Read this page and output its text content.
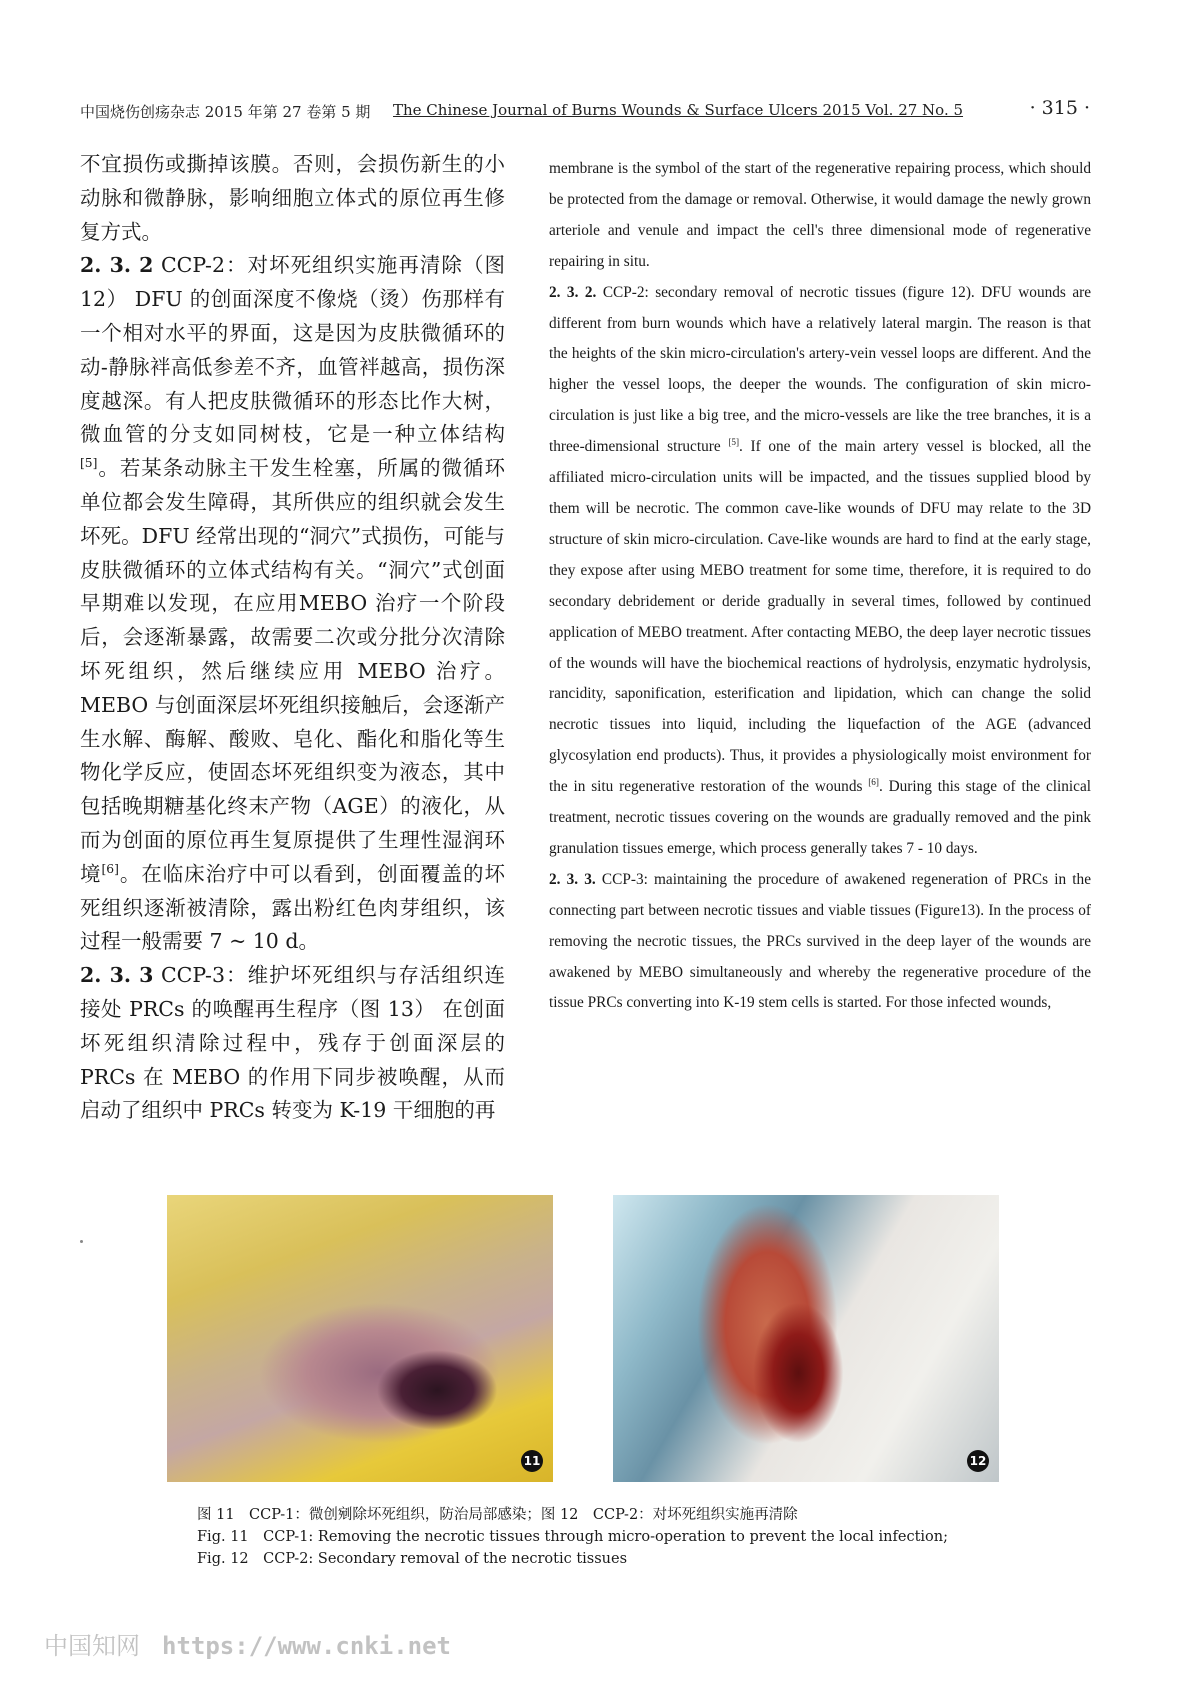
中国烧伤创疡杂志 2015 年第 27 卷第 5 期 The Chinese Journal of Burns Wounds & Surface Ulcers 2015 Vol. 27 No. 5	· 315 ·

不宜损伤或撕掉该膜。否则，会损伤新生的小动脉和微静脉，影响细胞立体式的原位再生修复方式。

2. 3. 2 CCP-2：对坏死组织实施再清除（图 12） DFU 的创面深度不像烧（烫）伤那样有一个相对水平的界面，这是因为皮肤微循环的动-静脉袢高低参差不齐，血管袢越高，损伤深度越深。有人把皮肤微循环的形态比作大树，微血管的分支如同树枝，它是一种立体结构[5]。若某条动脉主干发生栓塞，所属的微循环单位都会发生障碍，其所供应的组织就会发生坏死。DFU 经常出现的“洞穴”式损伤，可能与皮肤微循环的立体式结构有关。“洞穴”式创面早期难以发现，在应用MEBO 治疗一个阶段后，会逐渐暴露，故需要二次或分批分次清除坏死组织，然后继续应用 MEBO 治疗。MEBO 与创面深层坏死组织接触后，会逐渐产生水解、酶解、酸败、皂化、酯化和脂化等生物化学反应，使固态坏死组织变为液态，其中包括晚期糖基化终末产物（AGE）的液化，从而为创面的原位再生复原提供了生理性湿润环境[6]。在临床治疗中可以看到，创面覆盖的坏死组织逐渐被清除，露出粉红色肉芽组织，该过程一般需要 7 ~ 10 d。

2. 3. 3 CCP-3：维护坏死组织与存活组织连接处 PRCs 的唤醒再生程序（图 13） 在创面坏死组织清除过程中，残存于创面深层的 PRCs 在 MEBO 的作用下同步被唤醒，从而启动了组织中 PRCs 转变为 K-19 干细胞的再

membrane is the symbol of the start of the regenerative repairing process, which should be protected from the damage or removal. Otherwise, it would damage the newly grown arteriole and venule and impact the cell's three dimensional mode of regenerative repairing in situ.

2. 3. 2. CCP-2: secondary removal of necrotic tissues (figure 12). DFU wounds are different from burn wounds which have a relatively lateral margin. The reason is that the heights of the skin micro-circulation's artery-vein vessel loops are different. And the higher the vessel loops, the deeper the wounds. The configuration of skin micro-circulation is just like a big tree, and the micro-vessels are like the tree branches, it is a three-dimensional structure [5]. If one of the main artery vessel is blocked, all the affiliated micro-circulation units will be impacted, and the tissues supplied blood by them will be necrotic. The common cave-like wounds of DFU may relate to the 3D structure of skin micro-circulation. Cave-like wounds are hard to find at the early stage, they expose after using MEBO treatment for some time, therefore, it is required to do secondary debridement or deride gradually in several times, followed by continued application of MEBO treatment. After contacting MEBO, the deep layer necrotic tissues of the wounds will have the biochemical reactions of hydrolysis, enzymatic hydrolysis, rancidity, saponification, esterification and lipidation, which can change the solid necrotic tissues into liquid, including the liquefaction of the AGE (advanced glycosylation end products). Thus, it provides a physiologically moist environment for the in situ regenerative restoration of the wounds [6]. During this stage of the clinical treatment, necrotic tissues covering on the wounds are gradually removed and the pink granulation tissues emerge, which process generally takes 7 - 10 days.

2. 3. 3. CCP-3: maintaining the procedure of awakened regeneration of PRCs in the connecting part between necrotic tissues and viable tissues (Figure13). In the process of removing the necrotic tissues, the PRCs survived in the deep layer of the wounds are awakened by MEBO simultaneously and whereby the regenerative procedure of the tissue PRCs converting into K-19 stem cells is started. For those infected wounds,

11	12
图 11　CCP-1：微创剜除坏死组织，防治局部感染；图 12　CCP-2：对坏死组织实施再清除
Fig. 11　CCP-1: Removing the necrotic tissues through micro-operation to prevent the local infection;
Fig. 12　CCP-2: Secondary removal of the necrotic tissues
中国知网 https://www.cnki.net
